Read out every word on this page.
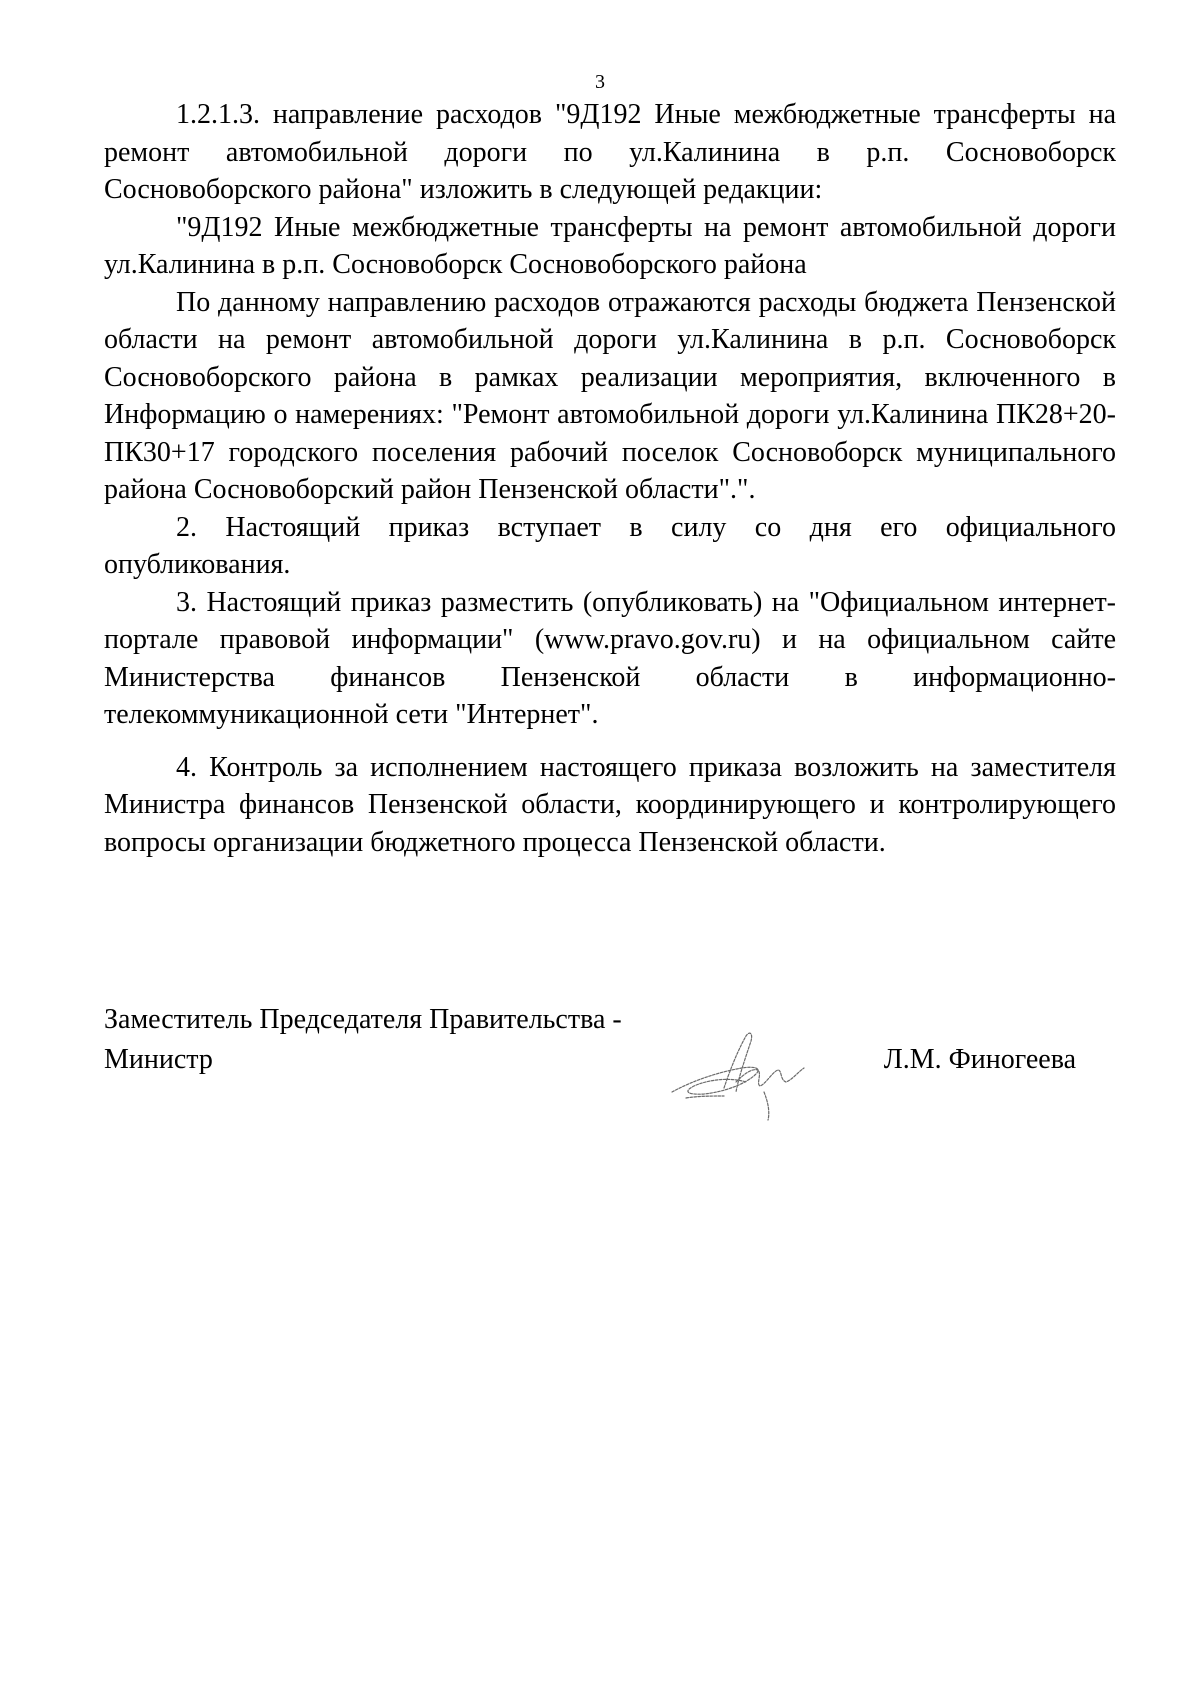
3

1.2.1.3. направление расходов "9Д192 Иные межбюджетные трансферты на ремонт автомобильной дороги по ул.Калинина в р.п. Сосновоборск Сосновоборского района" изложить в следующей редакции:

"9Д192 Иные межбюджетные трансферты на ремонт автомобильной дороги ул.Калинина в р.п. Сосновоборск Сосновоборского района

По данному направлению расходов отражаются расходы бюджета Пензенской области на ремонт автомобильной дороги ул.Калинина в р.п. Сосновоборск Сосновоборского района в рамках реализации мероприятия, включенного в Информацию о намерениях: "Ремонт автомобильной дороги ул.Калинина ПК28+20-ПК30+17 городского поселения рабочий поселок Сосновоборск муниципального района Сосновоборский район Пензенской области".".

2. Настоящий приказ вступает в силу со дня его официального опубликования.

3. Настоящий приказ разместить (опубликовать) на "Официальном интернет-портале правовой информации" (www.pravo.gov.ru) и на официальном сайте Министерства финансов Пензенской области в информационно-телекоммуникационной сети "Интернет".

4. Контроль за исполнением настоящего приказа возложить на заместителя Министра финансов Пензенской области, координирующего и контролирующего вопросы организации бюджетного процесса Пензенской области.

Заместитель Председателя Правительства -
Министр	Л.М. Финогеева
